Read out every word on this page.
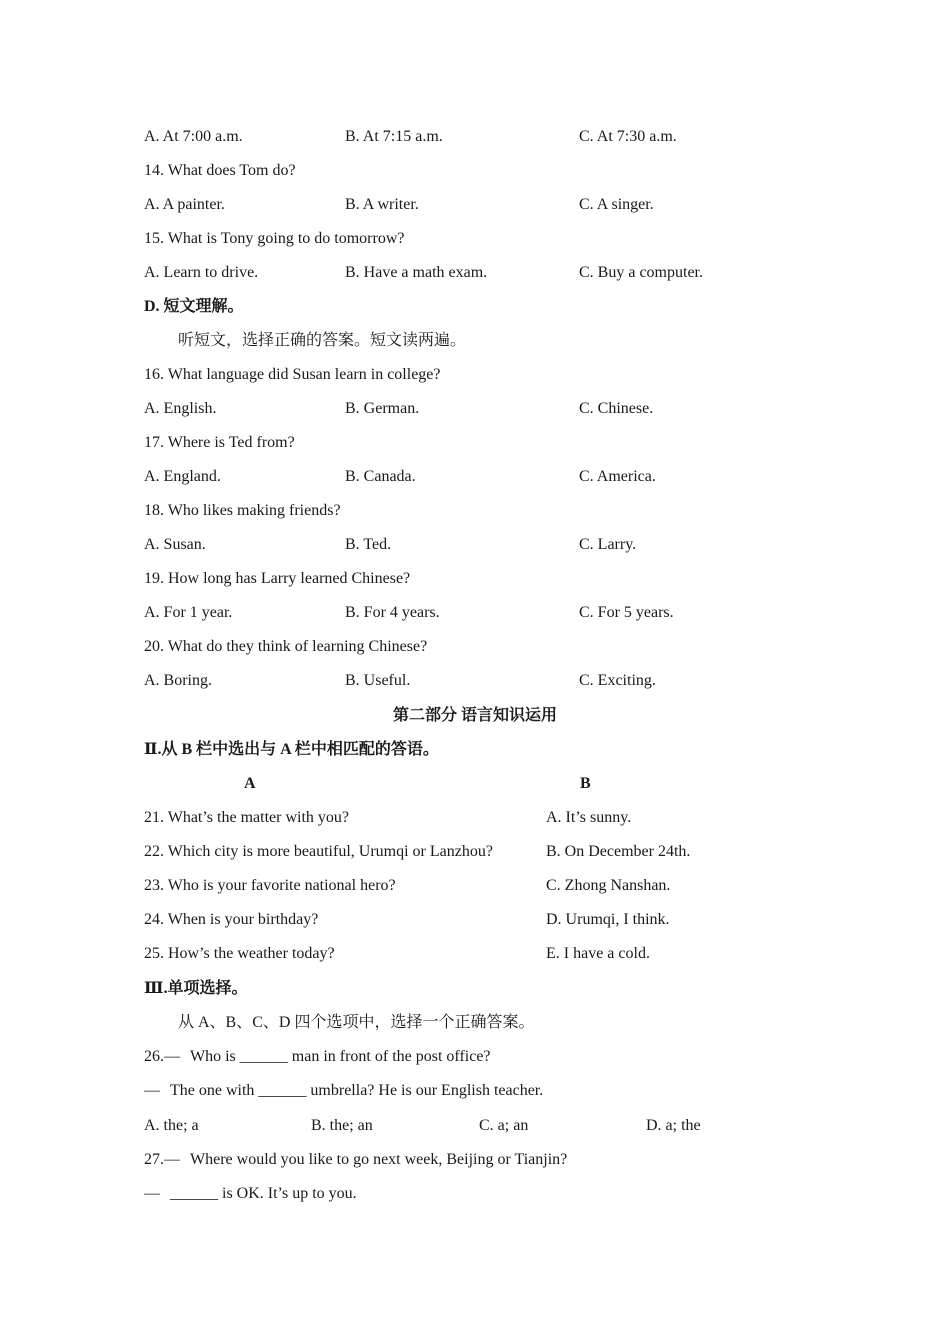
A. At 7:00 a.m.	B. At 7:15 a.m.	C. At 7:30 a.m.
14. What does Tom do?
A. A painter.	B. A writer.	C. A singer.
15. What is Tony going to do tomorrow?
A. Learn to drive.	B. Have a math exam.	C. Buy a computer.
D. 短文理解。
听短文，选择正确的答案。短文读两遍。
16. What language did Susan learn in college?
A. English.	B. German.	C. Chinese.
17. Where is Ted from?
A. England.	B. Canada.	C. America.
18. Who likes making friends?
A. Susan.	B. Ted.	C. Larry.
19. How long has Larry learned Chinese?
A. For 1 year.	B. For 4 years.	C. For 5 years.
20. What do they think of learning Chinese?
A. Boring.	B. Useful.	C. Exciting.
第二部分 语言知识运用
Ⅱ.从 B 栏中选出与 A 栏中相匹配的答语。
A	B
21. What’s the matter with you?	A. It’s sunny.
22. Which city is more beautiful, Urumqi or Lanzhou?	B. On December 24th.
23. Who is your favorite national hero?	C. Zhong Nanshan.
24. When is your birthday?	D. Urumqi, I think.
25. How’s the weather today?	E. I have a cold.
Ⅲ.单项选择。
从 A、B、C、D 四个选项中，选择一个正确答案。
26.— Who is ______ man in front of the post office?
— The one with ______ umbrella? He is our English teacher.
A. the; a	B. the; an	C. a; an	D. a; the
27.— Where would you like to go next week, Beijing or Tianjin?
— ______ is OK. It’s up to you.
